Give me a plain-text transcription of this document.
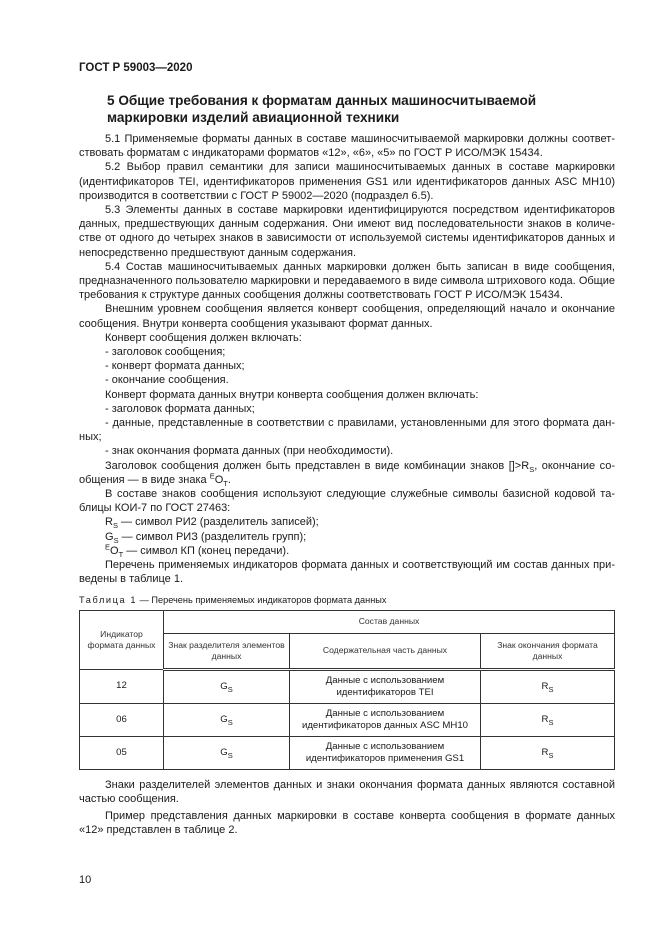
ГОСТ Р 59003—2020
5 Общие требования к форматам данных машиносчитываемой маркировки изделий авиационной техники

5.1 Применяемые форматы данных в составе машиносчитываемой маркировки должны соответствовать форматам с индикаторами форматов «12», «6», «5» по ГОСТ Р ИСО/МЭК 15434.

5.2 Выбор правил семантики для записи машиносчитываемых данных в составе маркировки (идентификаторов TEI, идентификаторов применения GS1 или идентификаторов данных ASC MH10) производится в соответствии с ГОСТ Р 59002—2020 (подраздел 6.5).

5.3 Элементы данных в составе маркировки идентифицируются посредством идентификаторов данных, предшествующих данным содержания. Они имеют вид последовательности знаков в количестве от одного до четырех знаков в зависимости от используемой системы идентификаторов данных и непосредственно предшествуют данным содержания.

5.4 Состав машиносчитываемых данных маркировки должен быть записан в виде сообщения, предназначенного пользователю маркировки и передаваемого в виде символа штрихового кода. Общие требования к структуре данных сообщения должны соответствовать ГОСТ Р ИСО/МЭК 15434.

Внешним уровнем сообщения является конверт сообщения, определяющий начало и окончание сообщения. Внутри конверта сообщения указывают формат данных.

Конверт сообщения должен включать:

- заголовок сообщения;

- конверт формата данных;

- окончание сообщения.

Конверт формата данных внутри конверта сообщения должен включать:

- заголовок формата данных;

- данные, представленные в соответствии с правилами, установленными для этого формата данных;

- знак окончания формата данных (при необходимости).

Заголовок сообщения должен быть представлен в виде комбинации знаков $[]>R_S$, окончание сообщения — в виде знака $^EO_T$.

В составе знаков сообщения используют следующие служебные символы базисной кодовой таблицы КОИ-7 по ГОСТ 27463:

$R_S$ — символ РИ2 (разделитель записей);

$G_S$ — символ РИЗ (разделитель групп);

$^EO_T$ — символ КП (конец передачи).

Перечень применяемых индикаторов формата данных и соответствующий им состав данных приведены в таблице 1.

Таблица 1 — Перечень применяемых индикаторов формата данных
Индикатор формата данных	Состав данных		
	Знак разделителя элементов данных	Содержательная часть данных	Знак окончания формата данных
12	$G_S$	Данные с использованием идентификаторов TEI	$R_S$
06	$G_S$	Данные с использованием идентификаторов данных ASC MH10	$R_S$
05	$G_S$	Данные с использованием идентификаторов применения GS1	$R_S$

Знаки разделителей элементов данных и знаки окончания формата данных являются составной частью сообщения.

Пример представления данных маркировки в составе конверта сообщения в формате данных «12» представлен в таблице 2.

10
